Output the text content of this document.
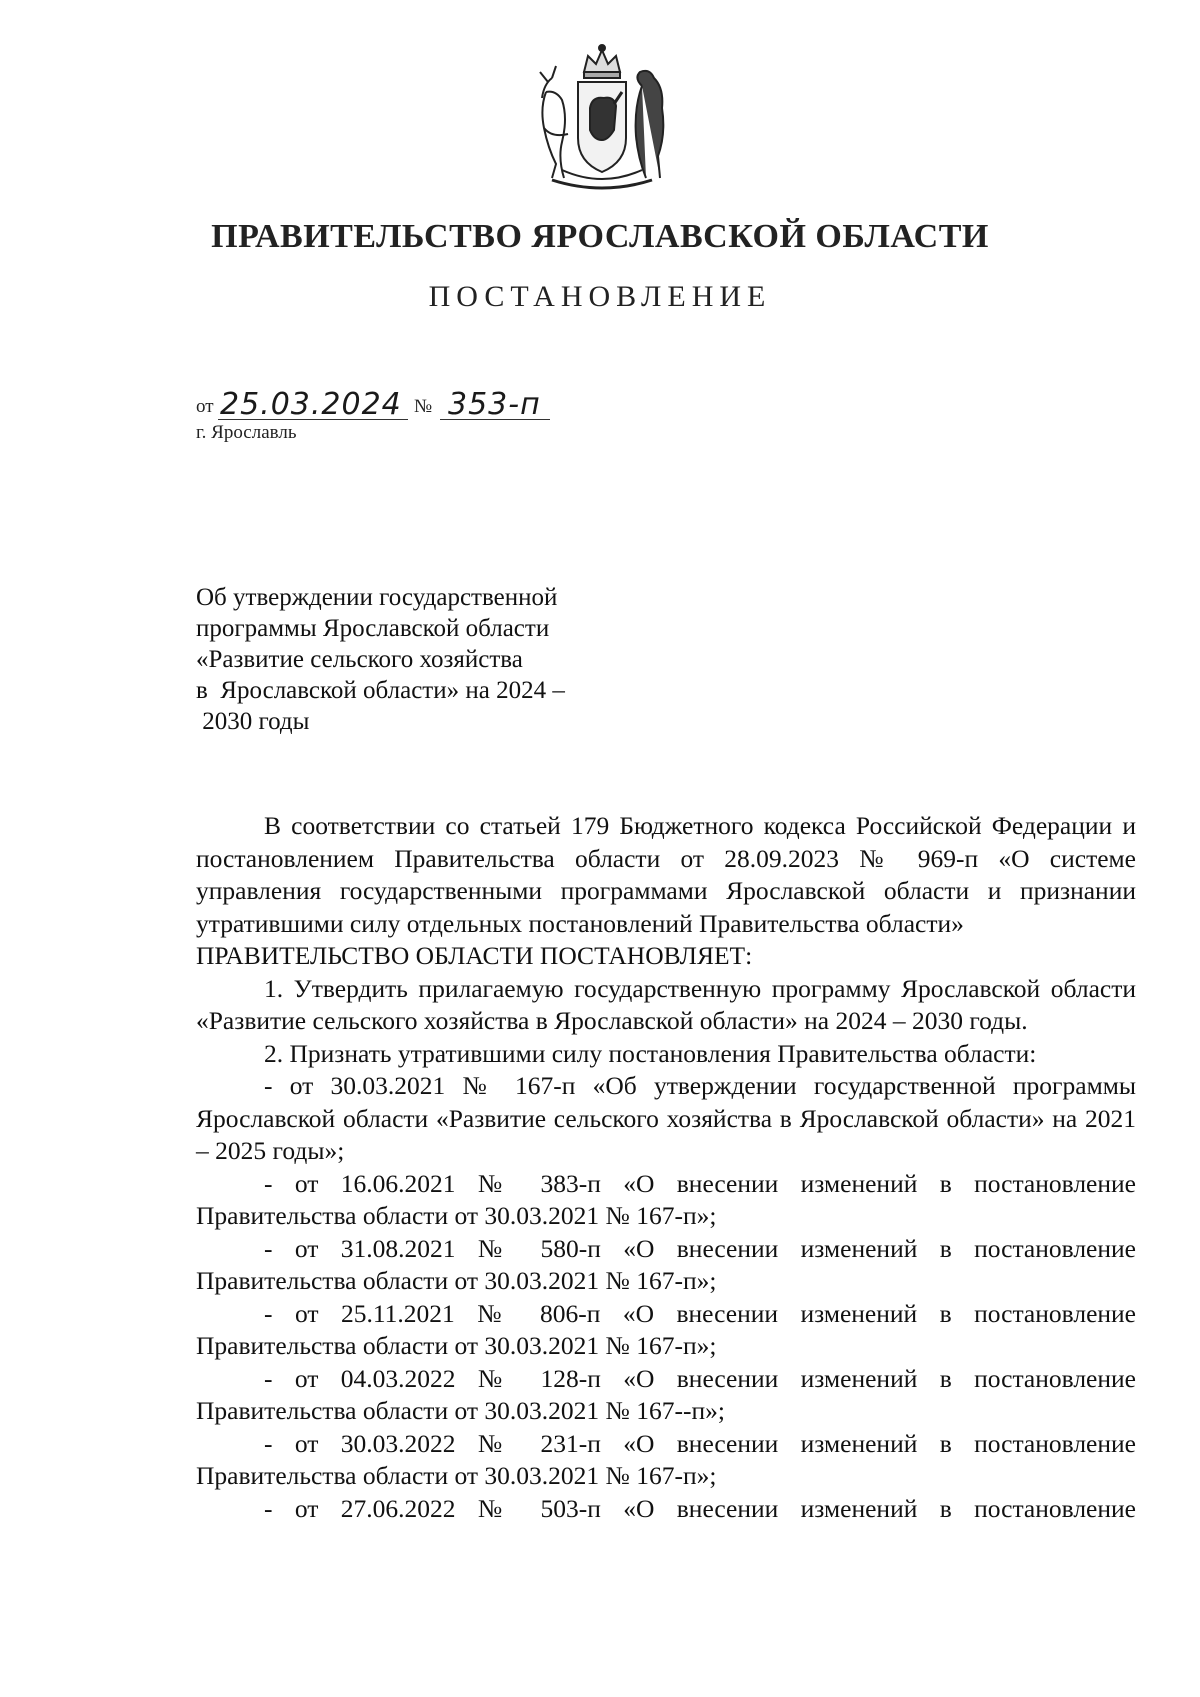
ПРАВИТЕЛЬСТВО ЯРОСЛАВСКОЙ ОБЛАСТИ
ПОСТАНОВЛЕНИЕ
от 25.03.2024 № 353-п
г. Ярославль
Об утверждении государственной
программы Ярославской области
«Развитие сельского хозяйства
в  Ярославской области» на 2024 –
2030 годы

В соответствии со статьей 179 Бюджетного кодекса Российской Федерации и постановлением Правительства области от 28.09.2023 № 969-п «О системе управления государственными программами Ярославской области и признании утратившими силу отдельных постановлений Правительства области»

ПРАВИТЕЛЬСТВО ОБЛАСТИ ПОСТАНОВЛЯЕТ:

1. Утвердить прилагаемую государственную программу Ярославской области «Развитие сельского хозяйства в Ярославской области» на 2024 – 2030 годы.

2. Признать утратившими силу постановления Правительства области:

- от 30.03.2021 № 167-п «Об утверждении государственной программы Ярославской области «Развитие сельского хозяйства в Ярославской области» на 2021 – 2025 годы»;

- от 16.06.2021 № 383-п «О внесении изменений в постановление Правительства области от 30.03.2021 № 167-п»;

- от 31.08.2021 № 580-п «О внесении изменений в постановление Правительства области от 30.03.2021 № 167-п»;

- от 25.11.2021 № 806-п «О внесении изменений в постановление Правительства области от 30.03.2021 № 167-п»;

- от 04.03.2022 № 128-п «О внесении изменений в постановление Правительства области от 30.03.2021 № 167--п»;

- от 30.03.2022 № 231-п «О внесении изменений в постановление Правительства области от 30.03.2021 № 167-п»;

- от 27.06.2022 № 503-п «О внесении изменений в постановление
